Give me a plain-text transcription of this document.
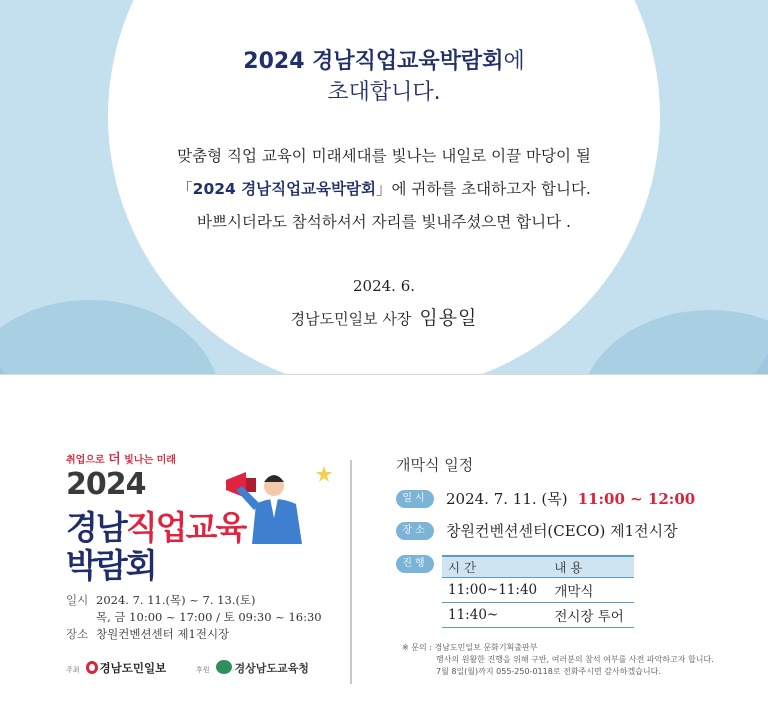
2024 경남직업교육박람회에
초대합니다.
맞춤형 직업 교육이 미래세대를 빛나는 내일로 이끌 마당이 될
「2024 경남직업교육박람회」에 귀하를 초대하고자 합니다.
바쁘시더라도 참석하셔서 자리를 빛내주셨으면 합니다 .
2024. 6.
경남도민일보 사장 임용일
취업으로 더 빛나는 미래
2024
경남직업교육
박람회
일시 2024. 7. 11.(목) ~ 7. 13.(토)
목, 금 10:00 ~ 17:00 / 토 09:30 ~ 16:30
장소 창원컨벤션센터 제1전시장
주최 경남도민일보	후원 경상남도교육청
개막식 일정
일시	2024. 7. 11. (목) 11:00 ~ 12:00
장소	창원컨벤션센터(CECO) 제1전시장
진행	시 간	내 용
11:00~11:40	개막식
11:40~	전시장 투어
※ 문의 : 경남도민일보 문화기획출판부
행사의 원활한 진행을 위해 구반, 여러분의 참석 여부를 사전 파악하고자 합니다.
7월 8일(월)까지 055-250-0118로 전화주시면 감사하겠습니다.
